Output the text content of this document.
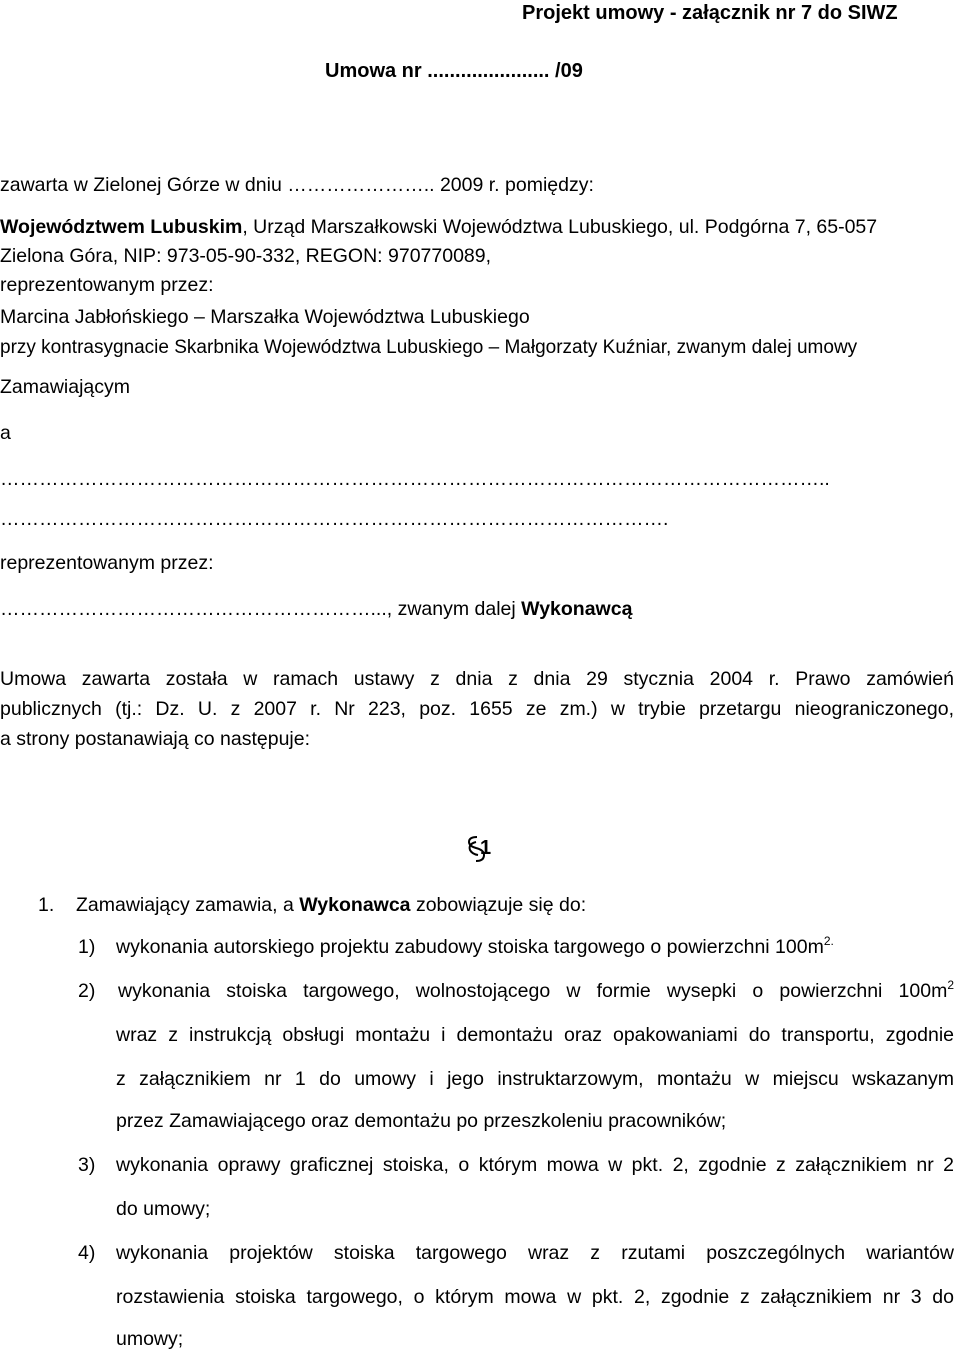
Projekt umowy - załącznik nr 7 do SIWZ
Umowa nr ...................... /09
zawarta w Zielonej Górze w dniu ………………….. 2009 r. pomiędzy:
Województwem Lubuskim, Urząd Marszałkowski Województwa Lubuskiego, ul. Podgórna 7, 65-057
Zielona Góra, NIP: 973-05-90-332, REGON: 970770089,
reprezentowanym przez:
Marcina Jabłońskiego – Marszałka Województwa Lubuskiego
przy kontrasygnacie Skarbnika Województwa Lubuskiego – Małgorzaty Kuźniar, zwanym dalej umowy
Zamawiającym
a
………………………………………………………………………………………………………………..
………………………………………………………………………………………….
reprezentowanym przez:
…………………………………………………..., zwanym dalej Wykonawcą
Umowa zawarta została w ramach ustawy z dnia z dnia 29 stycznia 2004 r. Prawo zamówień
publicznych (tj.: Dz. U. z 2007 r. Nr 223, poz. 1655 ze zm.) w trybie przetargu nieograniczonego,
a strony postanawiają co następuje:
1
1. Zamawiający zamawia, a Wykonawca zobowiązuje się do:
1) wykonania autorskiego projektu zabudowy stoiska targowego o powierzchni $100m^{2.}$
2) wykonania stoiska targowego, wolnostojącego w formie wysepki o powierzchni $100m^2$
wraz z instrukcją obsługi montażu i demontażu oraz opakowaniami do transportu, zgodnie
z załącznikiem nr 1 do umowy i jego instruktarzowym, montażu w miejscu wskazanym
przez Zamawiającego oraz demontażu po przeszkoleniu pracowników;
3) wykonania oprawy graficznej stoiska, o którym mowa w pkt. 2, zgodnie z załącznikiem nr 2
do umowy;
4) wykonania projektów stoiska targowego wraz z rzutami poszczególnych wariantów
rozstawienia stoiska targowego, o którym mowa w pkt. 2, zgodnie z załącznikiem nr 3 do
umowy;
